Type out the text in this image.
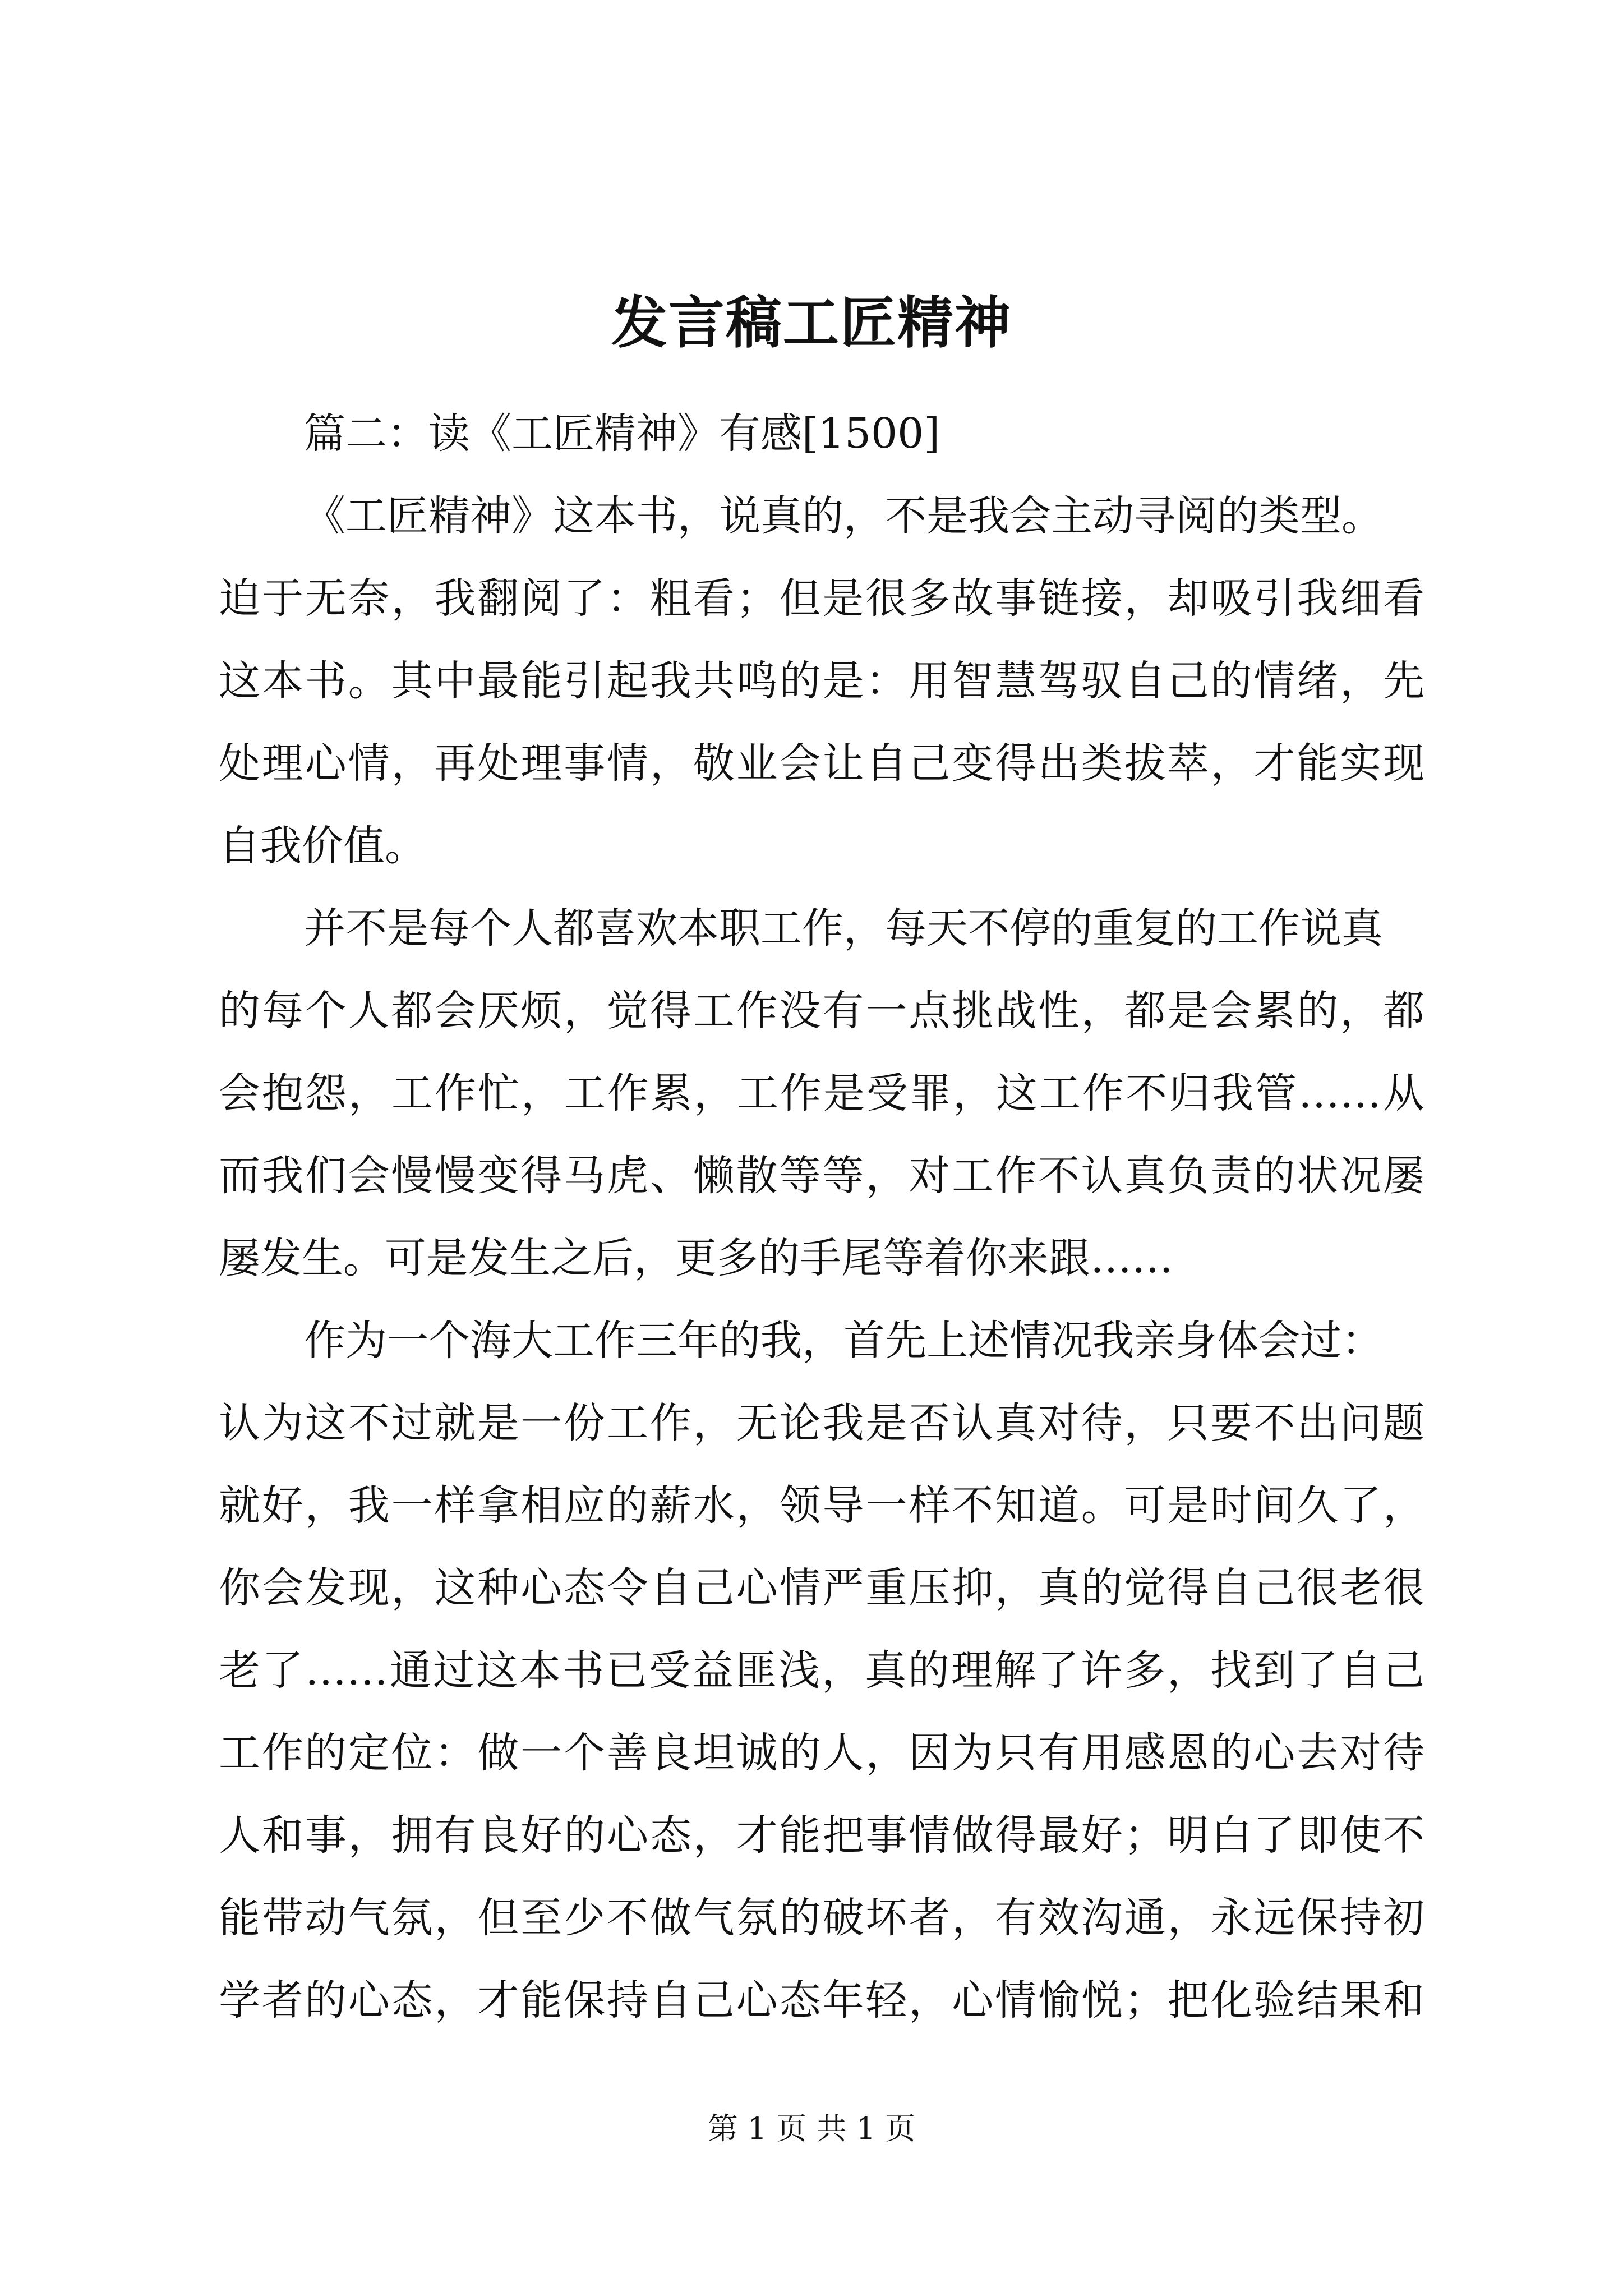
发言稿工匠精神
篇二：读《工匠精神》有感[1500]
《工匠精神》这本书，说真的，不是我会主动寻阅的类型。
迫于无奈，我翻阅了：粗看；但是很多故事链接，却吸引我细看
这本书。其中最能引起我共鸣的是：用智慧驾驭自己的情绪，先
处理心情，再处理事情，敬业会让自己变得出类拔萃，才能实现
自我价值。
并不是每个人都喜欢本职工作，每天不停的重复的工作说真
的每个人都会厌烦，觉得工作没有一点挑战性，都是会累的，都
会抱怨，工作忙，工作累，工作是受罪，这工作不归我管……从
而我们会慢慢变得马虎、懒散等等，对工作不认真负责的状况屡
屡发生。可是发生之后，更多的手尾等着你来跟……
作为一个海大工作三年的我，首先上述情况我亲身体会过：
认为这不过就是一份工作，无论我是否认真对待，只要不出问题
就好，我一样拿相应的薪水，领导一样不知道。可是时间久了，
你会发现，这种心态令自己心情严重压抑，真的觉得自己很老很
老了……通过这本书已受益匪浅，真的理解了许多，找到了自己
工作的定位：做一个善良坦诚的人，因为只有用感恩的心去对待
人和事，拥有良好的心态，才能把事情做得最好；明白了即使不
能带动气氛，但至少不做气氛的破坏者，有效沟通，永远保持初
学者的心态，才能保持自己心态年轻，心情愉悦；把化验结果和
第 1 页 共 1 页
